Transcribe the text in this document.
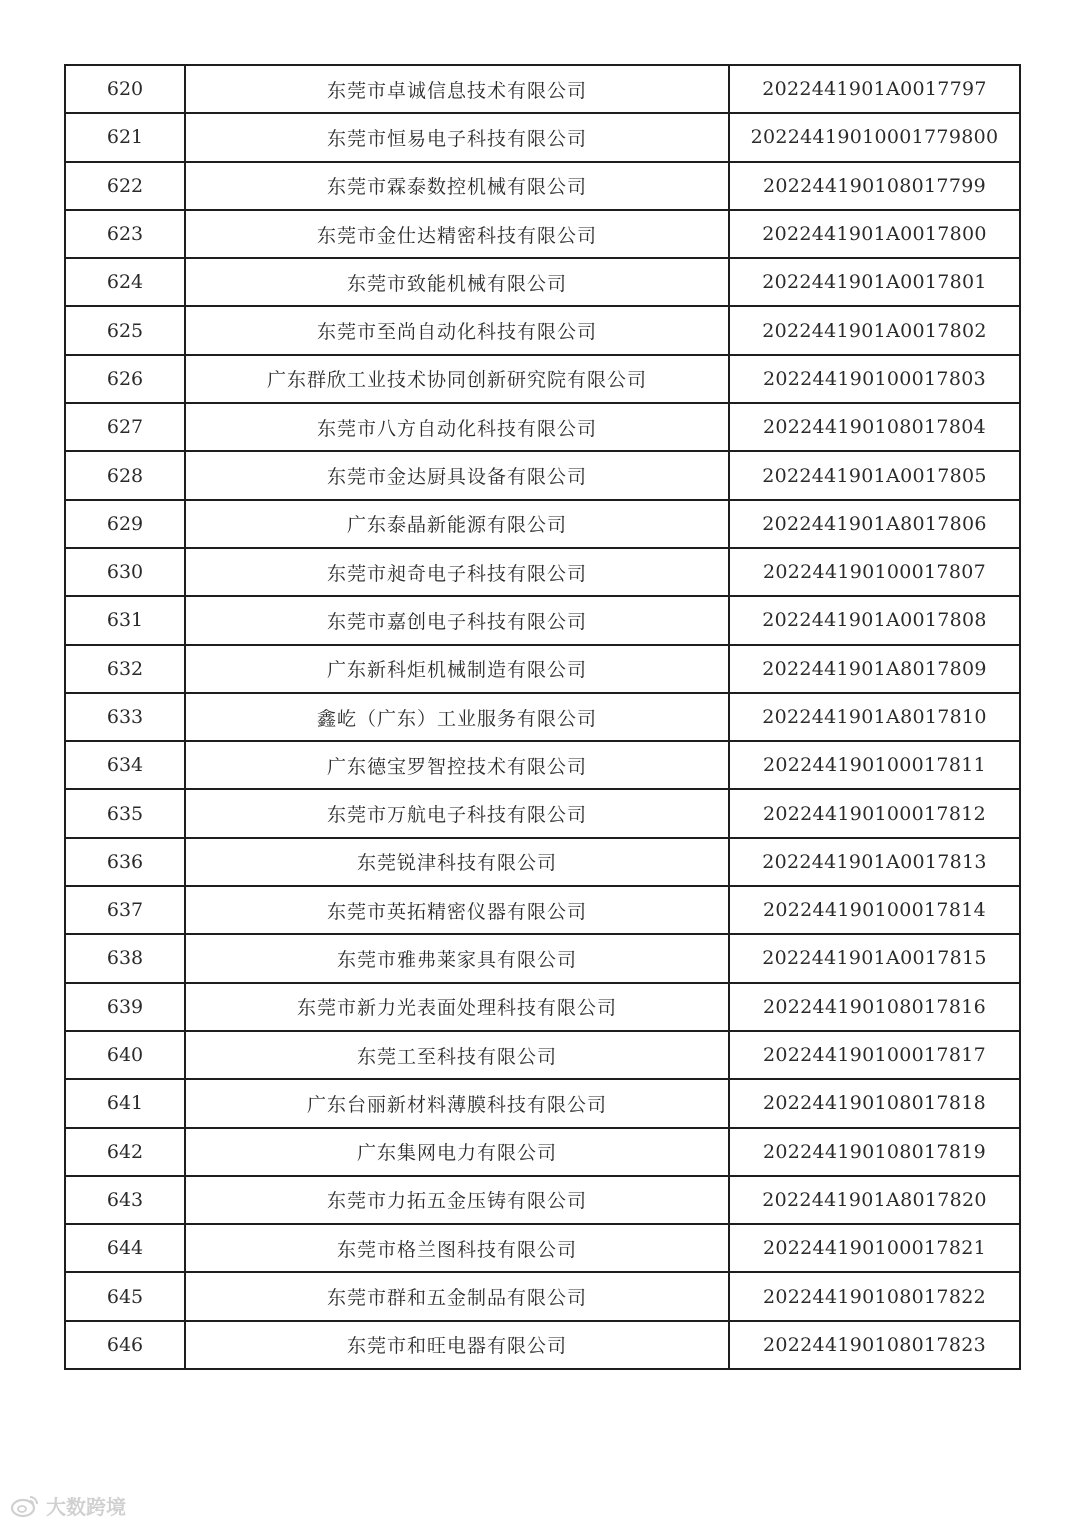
620	东莞市卓诚信息技术有限公司	2022441901A0017797
621	东莞市恒易电子科技有限公司	20224419010001779800
622	东莞市霖泰数控机械有限公司	202244190108017799
623	东莞市金仕达精密科技有限公司	2022441901A0017800
624	东莞市致能机械有限公司	2022441901A0017801
625	东莞市至尚自动化科技有限公司	2022441901A0017802
626	广东群欣工业技术协同创新研究院有限公司	202244190100017803
627	东莞市八方自动化科技有限公司	202244190108017804
628	东莞市金达厨具设备有限公司	2022441901A0017805
629	广东泰晶新能源有限公司	2022441901A8017806
630	东莞市昶奇电子科技有限公司	202244190100017807
631	东莞市嘉创电子科技有限公司	2022441901A0017808
632	广东新科炬机械制造有限公司	2022441901A8017809
633	鑫屹（广东）工业服务有限公司	2022441901A8017810
634	广东德宝罗智控技术有限公司	202244190100017811
635	东莞市万航电子科技有限公司	202244190100017812
636	东莞锐津科技有限公司	2022441901A0017813
637	东莞市英拓精密仪器有限公司	202244190100017814
638	东莞市雅弗莱家具有限公司	2022441901A0017815
639	东莞市新力光表面处理科技有限公司	202244190108017816
640	东莞工至科技有限公司	202244190100017817
641	广东台丽新材料薄膜科技有限公司	202244190108017818
642	广东集网电力有限公司	202244190108017819
643	东莞市力拓五金压铸有限公司	2022441901A8017820
644	东莞市格兰图科技有限公司	202244190100017821
645	东莞市群和五金制品有限公司	202244190108017822
646	东莞市和旺电器有限公司	202244190108017823
大数跨境
